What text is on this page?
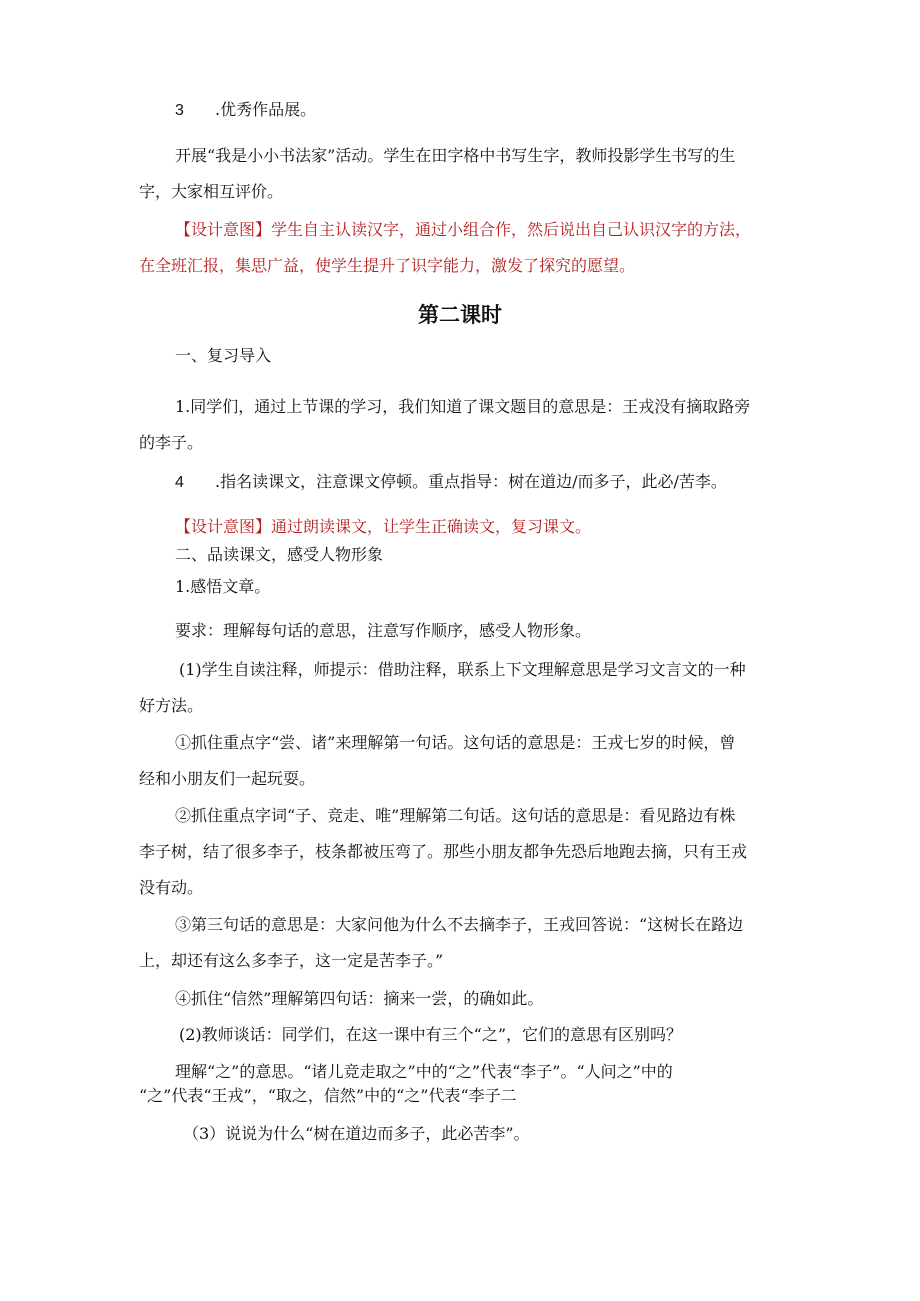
3 .优秀作品展。
开展“我是小小书法家”活动。学生在田字格中书写生字，教师投影学生书写的生
字，大家相互评价。
【设计意图】学生自主认读汉字，通过小组合作，然后说出自己认识汉字的方法，
在全班汇报，集思广益，使学生提升了识字能力，激发了探究的愿望。
第二课时
一、复习导入
1.同学们，通过上节课的学习，我们知道了课文题目的意思是：王戎没有摘取路旁
的李子。
4 .指名读课文，注意课文停顿。重点指导：树在道边/而多子，此必/苦李。
【设计意图】通过朗读课文，让学生正确读文，复习课文。
二、品读课文，感受人物形象
1.感悟文章。
要求：理解每句话的意思，注意写作顺序，感受人物形象。
(1)学生自读注释，师提示：借助注释，联系上下文理解意思是学习文言文的一种
好方法。
①抓住重点字“尝、诸”来理解第一句话。这句话的意思是：王戎七岁的时候，曾
经和小朋友们一起玩耍。
②抓住重点字词“子、竞走、唯”理解第二句话。这句话的意思是：看见路边有株
李子树，结了很多李子，枝条都被压弯了。那些小朋友都争先恐后地跑去摘，只有王戎
没有动。
③第三句话的意思是：大家问他为什么不去摘李子，王戎回答说：“这树长在路边
上，却还有这么多李子，这一定是苦李子。”
④抓住“信然”理解第四句话：摘来一尝，的确如此。
(2)教师谈话：同学们，在这一课中有三个“之”，它们的意思有区别吗？
理解“之”的意思。“诸儿竞走取之”中的“之”代表“李子”。“人问之”中的
“之”代表“王戎”，“取之，信然”中的“之”代表“李子二
（3）说说为什么“树在道边而多子，此必苦李”。
